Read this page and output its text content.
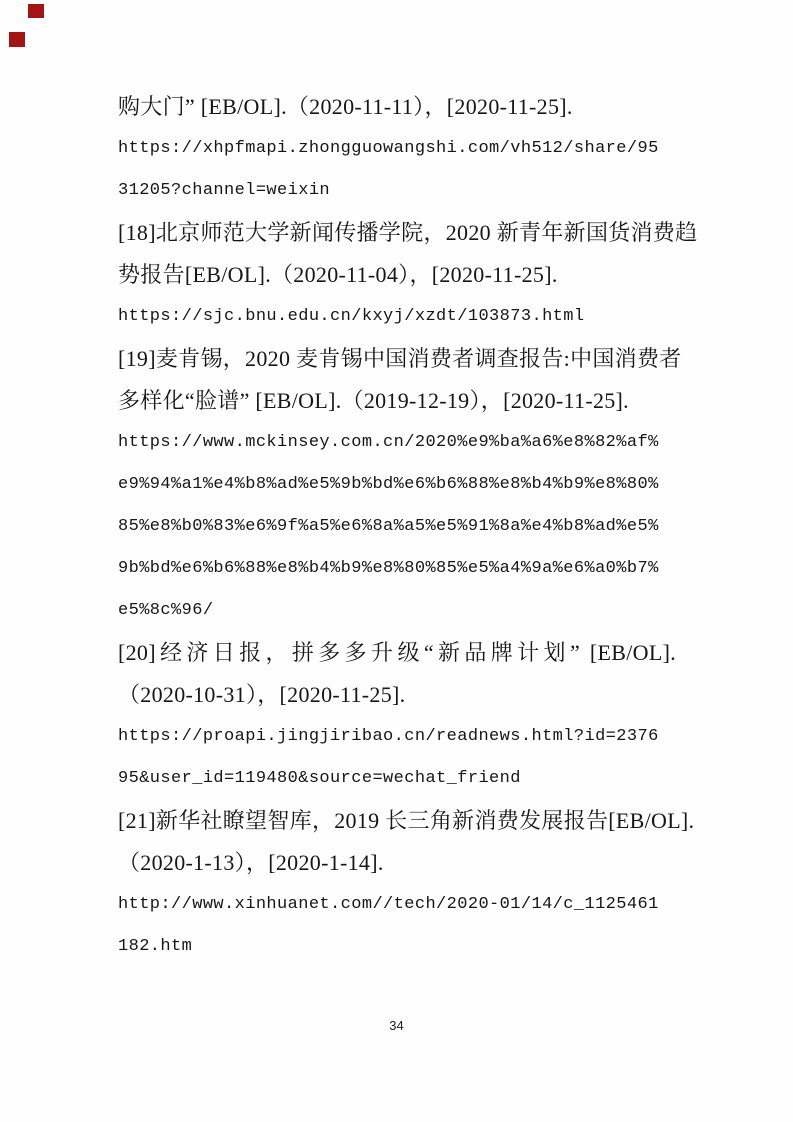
购大门” [EB/OL].（2020-11-11），[2020-11-25].
https://xhpfmapi.zhongguowangshi.com/vh512/share/95
31205?channel=weixin
[18]北京师范大学新闻传播学院，2020 新青年新国货消费趋
势报告[EB/OL].（2020-11-04），[2020-11-25].
https://sjc.bnu.edu.cn/kxyj/xzdt/103873.html
[19]麦肯锡，2020 麦肯锡中国消费者调查报告:中国消费者
多样化“脸谱” [EB/OL].（2019-12-19），[2020-11-25].
https://www.mckinsey.com.cn/2020%e9%ba%a6%e8%82%af%
e9%94%a1%e4%b8%ad%e5%9b%bd%e6%b6%88%e8%b4%b9%e8%80%
85%e8%b0%83%e6%9f%a5%e6%8a%a5%e5%91%8a%e4%b8%ad%e5%
9b%bd%e6%b6%88%e8%b4%b9%e8%80%85%e5%a4%9a%e6%a0%b7%
e5%8c%96/
[20]经济日报，拼多多升级“新品牌计划” [EB/OL].
（2020-10-31），[2020-11-25].
https://proapi.jingjiribao.cn/readnews.html?id=2376
95&user_id=119480&source=wechat_friend
[21]新华社瞭望智库，2019 长三角新消费发展报告[EB/OL].
（2020-1-13），[2020-1-14].
http://www.xinhuanet.com//tech/2020-01/14/c_1125461
182.htm
34
